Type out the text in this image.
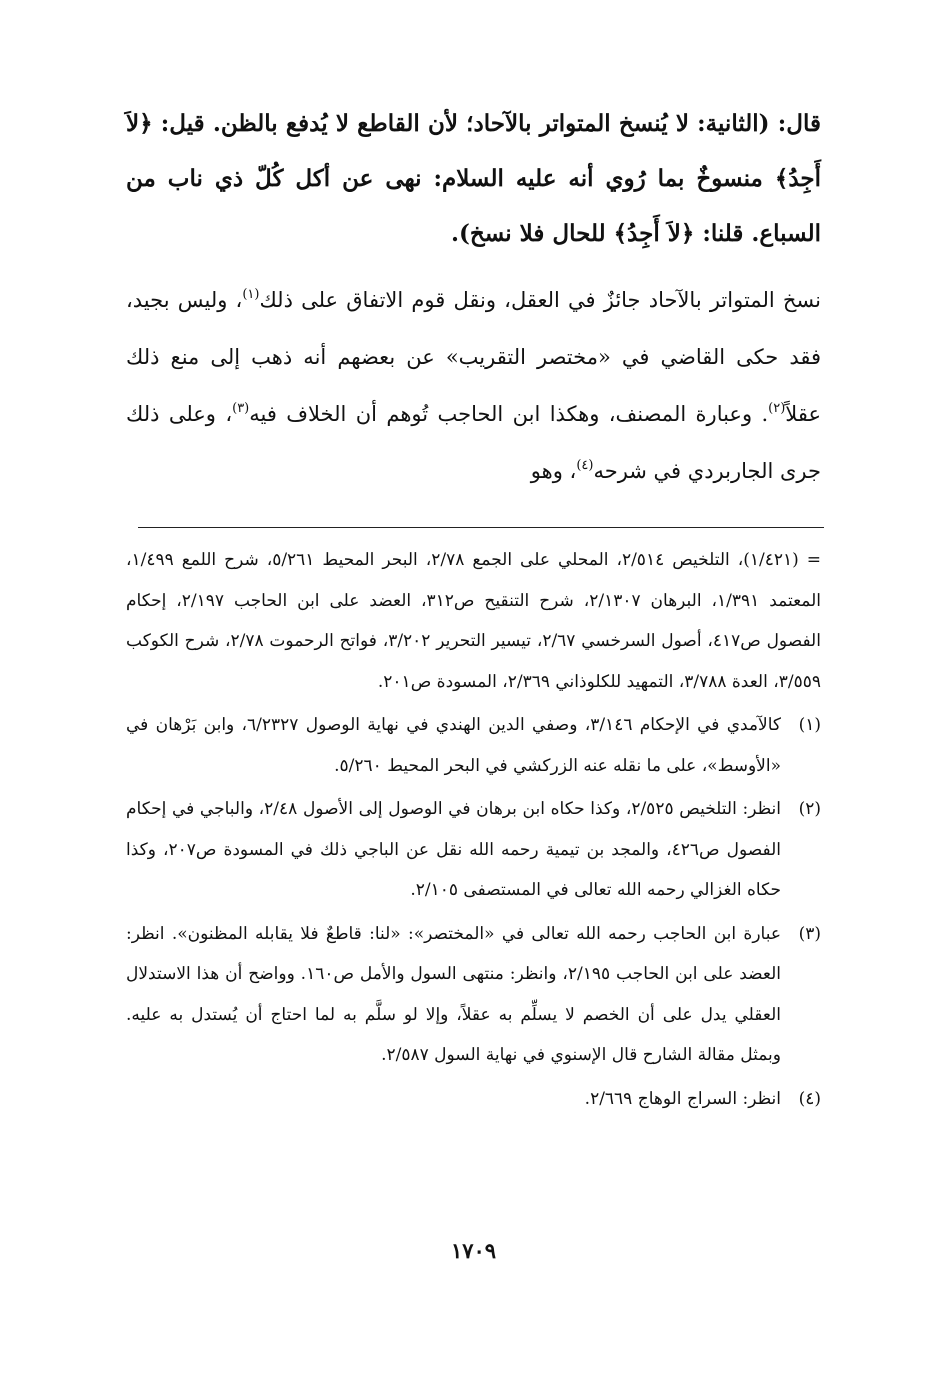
قال: (الثانية: لا يُنسخ المتواتر بالآحاد؛ لأن القاطع لا يُدفع بالظن. قيل: ﴿لاَ أَجِدُ﴾ منسوخٌ بما رُوي أنه عليه السلام: نهى عن أكل كُلّ ذي ناب من السباع. قلنا: ﴿لاَ أَجِدُ﴾ للحال فلا نسخ).

نسخ المتواتر بالآحاد جائزٌ في العقل، ونقل قوم الاتفاق على ذلك$^{(١)}$، وليس بجيد، فقد حكى القاضي في «مختصر التقريب» عن بعضهم أنه ذهب إلى منع ذلك عقلاً$^{(٢)}$. وعبارة المصنف، وهكذا ابن الحاجب تُوهم أن الخلاف فيه$^{(٣)}$، وعلى ذلك جرى الجاربردي في شرحه$^{(٤)}$، وهو

= (١/٤٢١)، التلخيص ٢/٥١٤، المحلي على الجمع ٢/٧٨، البحر المحيط ٥/٢٦١، شرح اللمع ١/٤٩٩، المعتمد ١/٣٩١، البرهان ٢/١٣٠٧، شرح التنقيح ص٣١٢، العضد على ابن الحاجب ٢/١٩٧، إحكام الفصول ص٤١٧، أصول السرخسي ٢/٦٧، تيسير التحرير ٣/٢٠٢، فواتح الرحموت ٢/٧٨، شرح الكوكب ٣/٥٥٩، العدة ٣/٧٨٨، التمهيد للكلوذاني ٢/٣٦٩، المسودة ص٢٠١.

(١)
كالآمدي في الإحكام ٣/١٤٦، وصفي الدين الهندي في نهاية الوصول ٦/٢٣٢٧، وابن بَرْهان في «الأوسط»، على ما نقله عنه الزركشي في البحر المحيط ٥/٢٦٠.
(٢)
انظر: التلخيص ٢/٥٢٥، وكذا حكاه ابن برهان في الوصول إلى الأصول ٢/٤٨، والباجي في إحكام الفصول ص٤٢٦، والمجد بن تيمية رحمه الله نقل عن الباجي ذلك في المسودة ص٢٠٧، وكذا حكاه الغزالي رحمه الله تعالى في المستصفى ٢/١٠٥.
(٣)
عبارة ابن الحاجب رحمه الله تعالى في «المختصر»: «لنا: قاطعٌ فلا يقابله المظنون». انظر: العضد على ابن الحاجب ٢/١٩٥، وانظر: منتهى السول والأمل ص١٦٠. وواضح أن هذا الاستدلال العقلي يدل على أن الخصم لا يسلِّم به عقلاً، وإلا لو سلَّم به لما احتاج أن يُستدل به عليه. وبمثل مقالة الشارح قال الإسنوي في نهاية السول ٢/٥٨٧.
(٤)
انظر: السراج الوهاج ٢/٦٦٩.
١٧٠٩
